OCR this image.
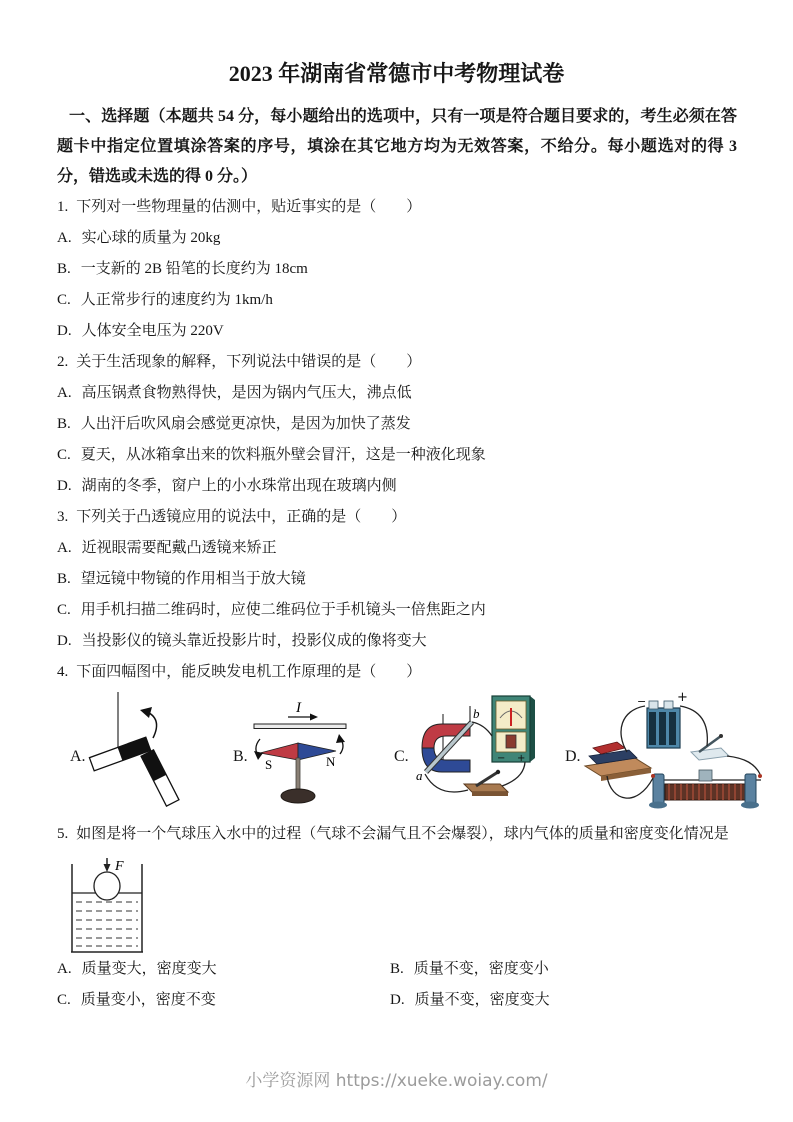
2023 年湖南省常德市中考物理试卷

一、选择题（本题共 54 分，每小题给出的选项中，只有一项是符合题目要求的，考生必须在答题卡中指定位置填涂答案的序号，填涂在其它地方均为无效答案，不给分。每小题选对的得 3 分，错选或未选的得 0 分。）

1. 下列对一些物理量的估测中，贴近事实的是（　　）

A. 实心球的质量为 20kg

B. 一支新的 2B 铅笔的长度约为 18cm

C. 人正常步行的速度约为 1km/h

D. 人体安全电压为 220V

2. 关于生活现象的解释，下列说法中错误的是（　　）

A. 高压锅煮食物熟得快，是因为锅内气压大，沸点低

B. 人出汗后吹风扇会感觉更凉快，是因为加快了蒸发

C. 夏天，从冰箱拿出来的饮料瓶外壁会冒汗，这是一种液化现象

D. 湖南的冬季，窗户上的小水珠常出现在玻璃内侧

3. 下列关于凸透镜应用的说法中，正确的是（　　）

A. 近视眼需要配戴凸透镜来矫正

B. 望远镜中物镜的作用相当于放大镜

C. 用手机扫描二维码时，应使二维码位于手机镜头一倍焦距之内

D. 当投影仪的镜头靠近投影片时，投影仪成的像将变大

4. 下面四幅图中，能反映发电机工作原理的是（　　）

A.	B.
I
S	N	C.
a
b
− + D.
− +

5. 如图是将一个气球压入水中的过程（气球不会漏气且不会爆裂），球内气体的质量和密度变化情况是

F

A. 质量变大，密度变大	B. 质量不变，密度变小

C. 质量变小，密度不变	D. 质量不变，密度变大

小学资源网 https://xueke.woiay.com/
